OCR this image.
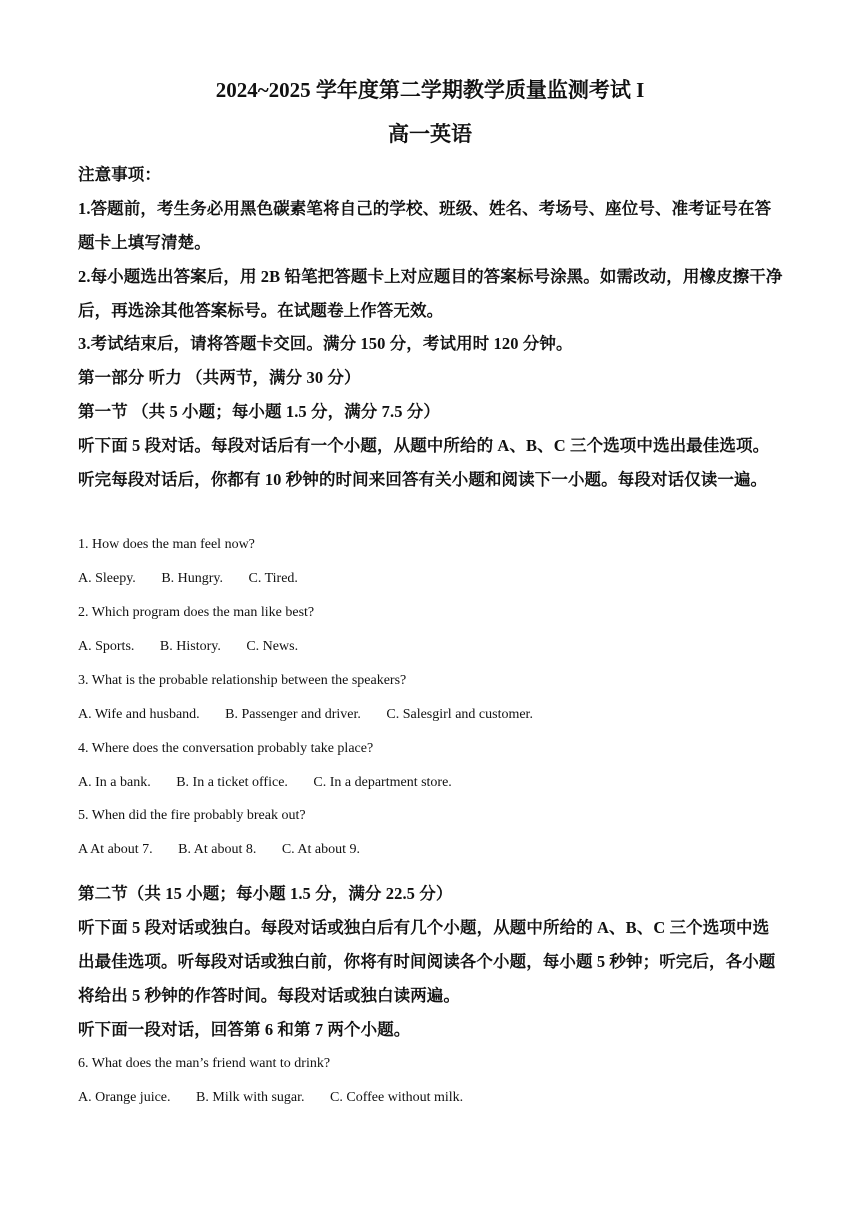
2024~2025 学年度第二学期教学质量监测考试 I
高一英语
注意事项：
1.答题前，考生务必用黑色碳素笔将自己的学校、班级、姓名、考场号、座位号、准考证号在答题卡上填写清楚。
2.每小题选出答案后，用 2B 铅笔把答题卡上对应题目的答案标号涂黑。如需改动，用橡皮擦干净后，再选涂其他答案标号。在试题卷上作答无效。
3.考试结束后，请将答题卡交回。满分 150 分，考试用时 120 分钟。
第一部分 听力 （共两节，满分 30 分）
第一节 （共 5 小题；每小题 1.5 分，满分 7.5 分）
听下面 5 段对话。每段对话后有一个小题，从题中所给的 A、B、C 三个选项中选出最佳选项。听完每段对话后，你都有 10 秒钟的时间来回答有关小题和阅读下一小题。每段对话仅读一遍。
1. How does the man feel now?
A. Sleepy. B. Hungry. C. Tired.
2. Which program does the man like best?
A. Sports. B. History. C. News.
3. What is the probable relationship between the speakers?
A. Wife and husband. B. Passenger and driver. C. Salesgirl and customer.
4. Where does the conversation probably take place?
A. In a bank. B. In a ticket office. C. In a department store.
5. When did the fire probably break out?
A At about 7. B. At about 8. C. At about 9.
第二节（共 15 小题；每小题 1.5 分，满分 22.5 分）
听下面 5 段对话或独白。每段对话或独白后有几个小题，从题中所给的 A、B、C 三个选项中选出最佳选项。听每段对话或独白前，你将有时间阅读各个小题，每小题 5 秒钟；听完后，各小题将给出 5 秒钟的作答时间。每段对话或独白读两遍。
听下面一段对话，回答第 6 和第 7 两个小题。
6. What does the man’s friend want to drink?
A. Orange juice. B. Milk with sugar. C. Coffee without milk.
